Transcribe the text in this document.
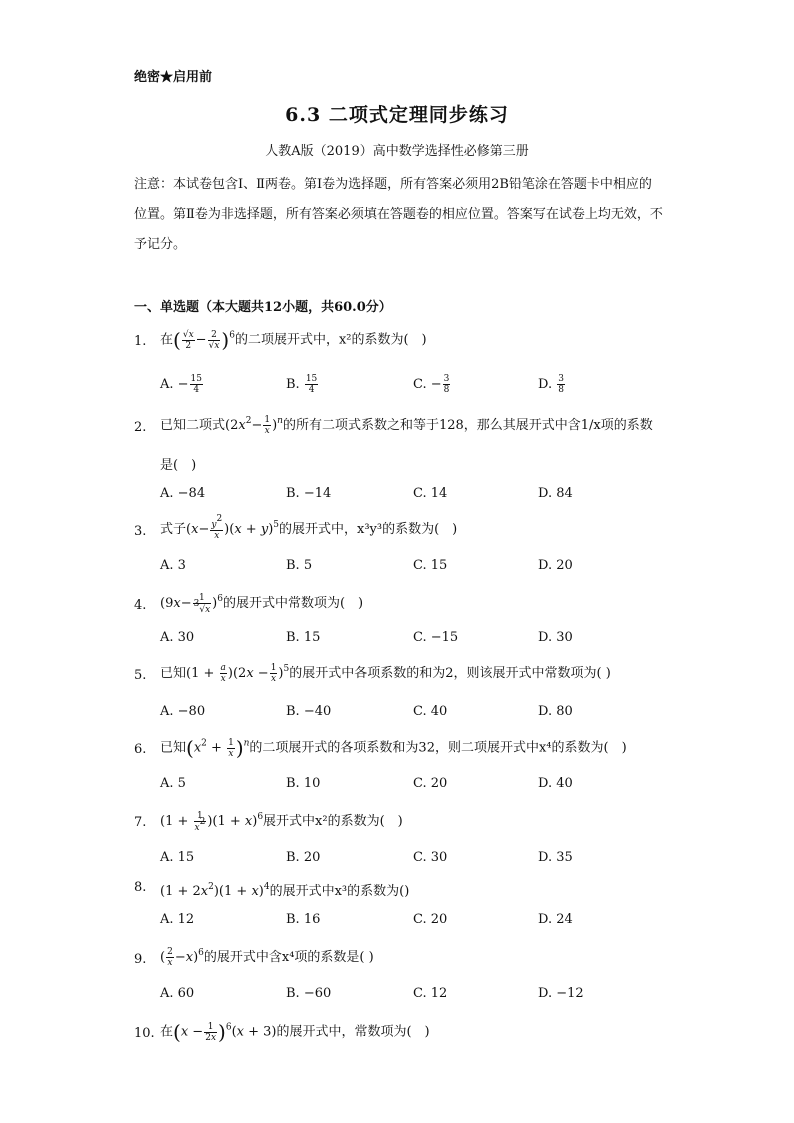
绝密★启用前
6.3 二项式定理同步练习
人教A版（2019）高中数学选择性必修第三册
注意：本试卷包含Ⅰ、Ⅱ两卷。第Ⅰ卷为选择题，所有答案必须用2B铅笔涂在答题卡中相应的位置。第Ⅱ卷为非选择题，所有答案必须填在答题卷的相应位置。答案写在试卷上均无效，不予记分。
一、单选题（本大题共12小题，共60.0分）
1. 在( $\frac{√x}{2} - \frac{2}{√x} )^6$的二项展开式中，x²的系数为(　)
A. − $\frac{15}{4}$	B. $\frac{15}{4}$	C. − $\frac{3}{8}$	D. $\frac{3}{8}$
2. 已知二项式$(2x^2- \frac{1}{x} )^n$的所有二项式系数之和等于128，那么其展开式中含1/x项的系数
是(　)
A. −84	B. −14	C. 14	D. 84
3. 式子$(x- \frac{y^2}{x} )(x + y)^5$的展开式中，x³y³的系数为(　)
A. 3	B. 5	C. 15	D. 20
4. $(9x- \frac{1}{^3√x} )^6$的展开式中常数项为(　)
A. 30	B. 15	C. −15	D. 30
5. 已知$(1 + \frac{a}{x} )(2x - \frac{1}{x} )^5$的展开式中各项系数的和为2，则该展开式中常数项为( )
A. −80	B. −40	C. 40	D. 80
6. 已知$(x^2 + \frac{1}{x} )^n$的二项展开式的各项系数和为32，则二项展开式中x⁴的系数为(　)
A. 5	B. 10	C. 20	D. 40
7. $(1 + \frac{1}{x^2} )(1 + x)^6$展开式中x²的系数为(　)
A. 15	B. 20	C. 30	D. 35
8. $(1 + 2x^2)(1 + x)^4$的展开式中x³的系数为()
A. 12	B. 16	C. 20	D. 24
9. ( $\frac{2}{x} -x)^6$的展开式中含x⁴项的系数是( )
A. 60	B. −60	C. 12	D. −12
10. 在$(x - \frac{1}{2x} )^6(x + 3)$的展开式中，常数项为(　)
